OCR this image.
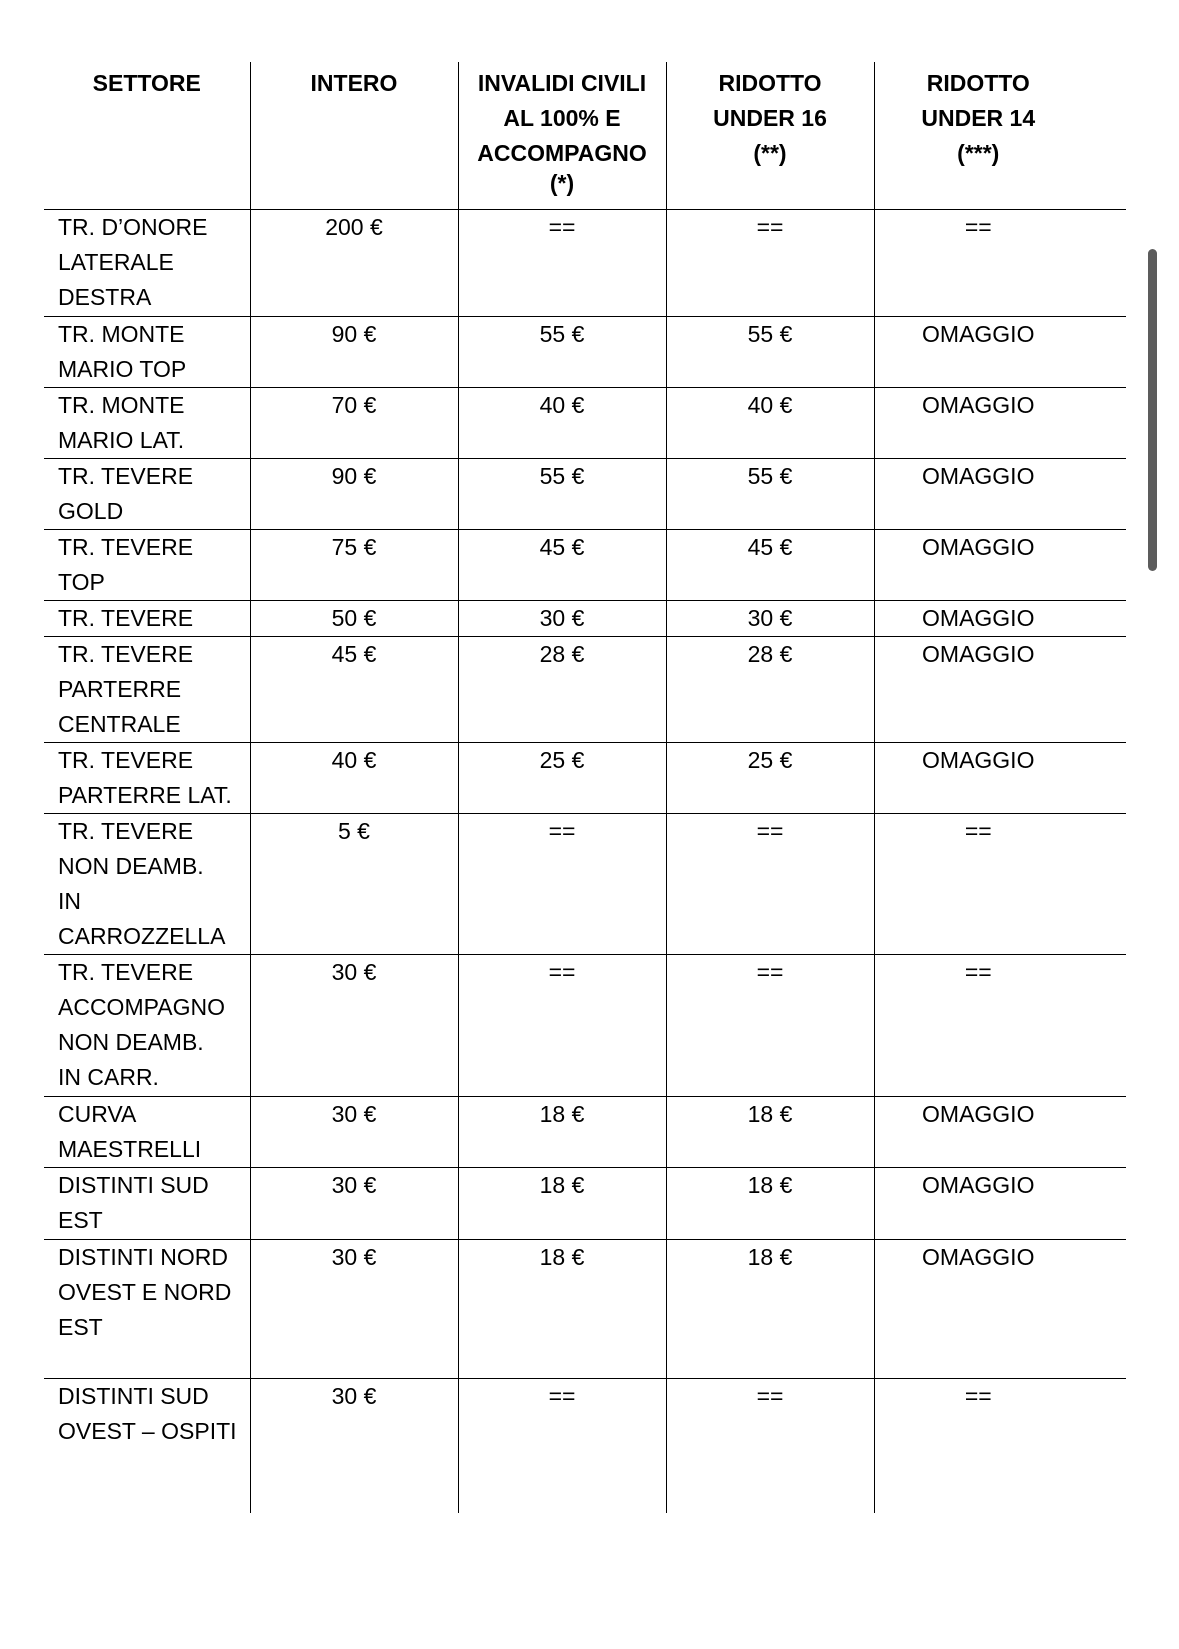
SETTORE	INTERO	INVALIDI CIVILI
AL 100% E
ACCOMPAGNO
(*)	RIDOTTO
UNDER 16
(**)	RIDOTTO
UNDER 14
(***)

TR. D’ONORE
LATERALE
DESTRA	200 €	==	==	==

TR. MONTE
MARIO TOP	90 €	55 €	55 €	OMAGGIO

TR. MONTE
MARIO LAT.	70 €	40 €	40 €	OMAGGIO

TR. TEVERE
GOLD	90 €	55 €	55 €	OMAGGIO

TR. TEVERE
TOP	75 €	45 €	45 €	OMAGGIO

TR. TEVERE	50 €	30 €	30 €	OMAGGIO

TR. TEVERE
PARTERRE
CENTRALE	45 €	28 €	28 €	OMAGGIO

TR. TEVERE
PARTERRE LAT.	40 €	25 €	25 €	OMAGGIO

TR. TEVERE
NON DEAMB.
IN
CARROZZELLA	5 €	==	==	==

TR. TEVERE
ACCOMPAGNO
NON DEAMB.
IN CARR.	30 €	==	==	==

CURVA
MAESTRELLI	30 €	18 €	18 €	OMAGGIO

DISTINTI SUD
EST	30 €	18 €	18 €	OMAGGIO

DISTINTI NORD
OVEST E NORD
EST	30 €	18 €	18 €	OMAGGIO

DISTINTI SUD
OVEST – OSPITI	30 €	==	==	==
